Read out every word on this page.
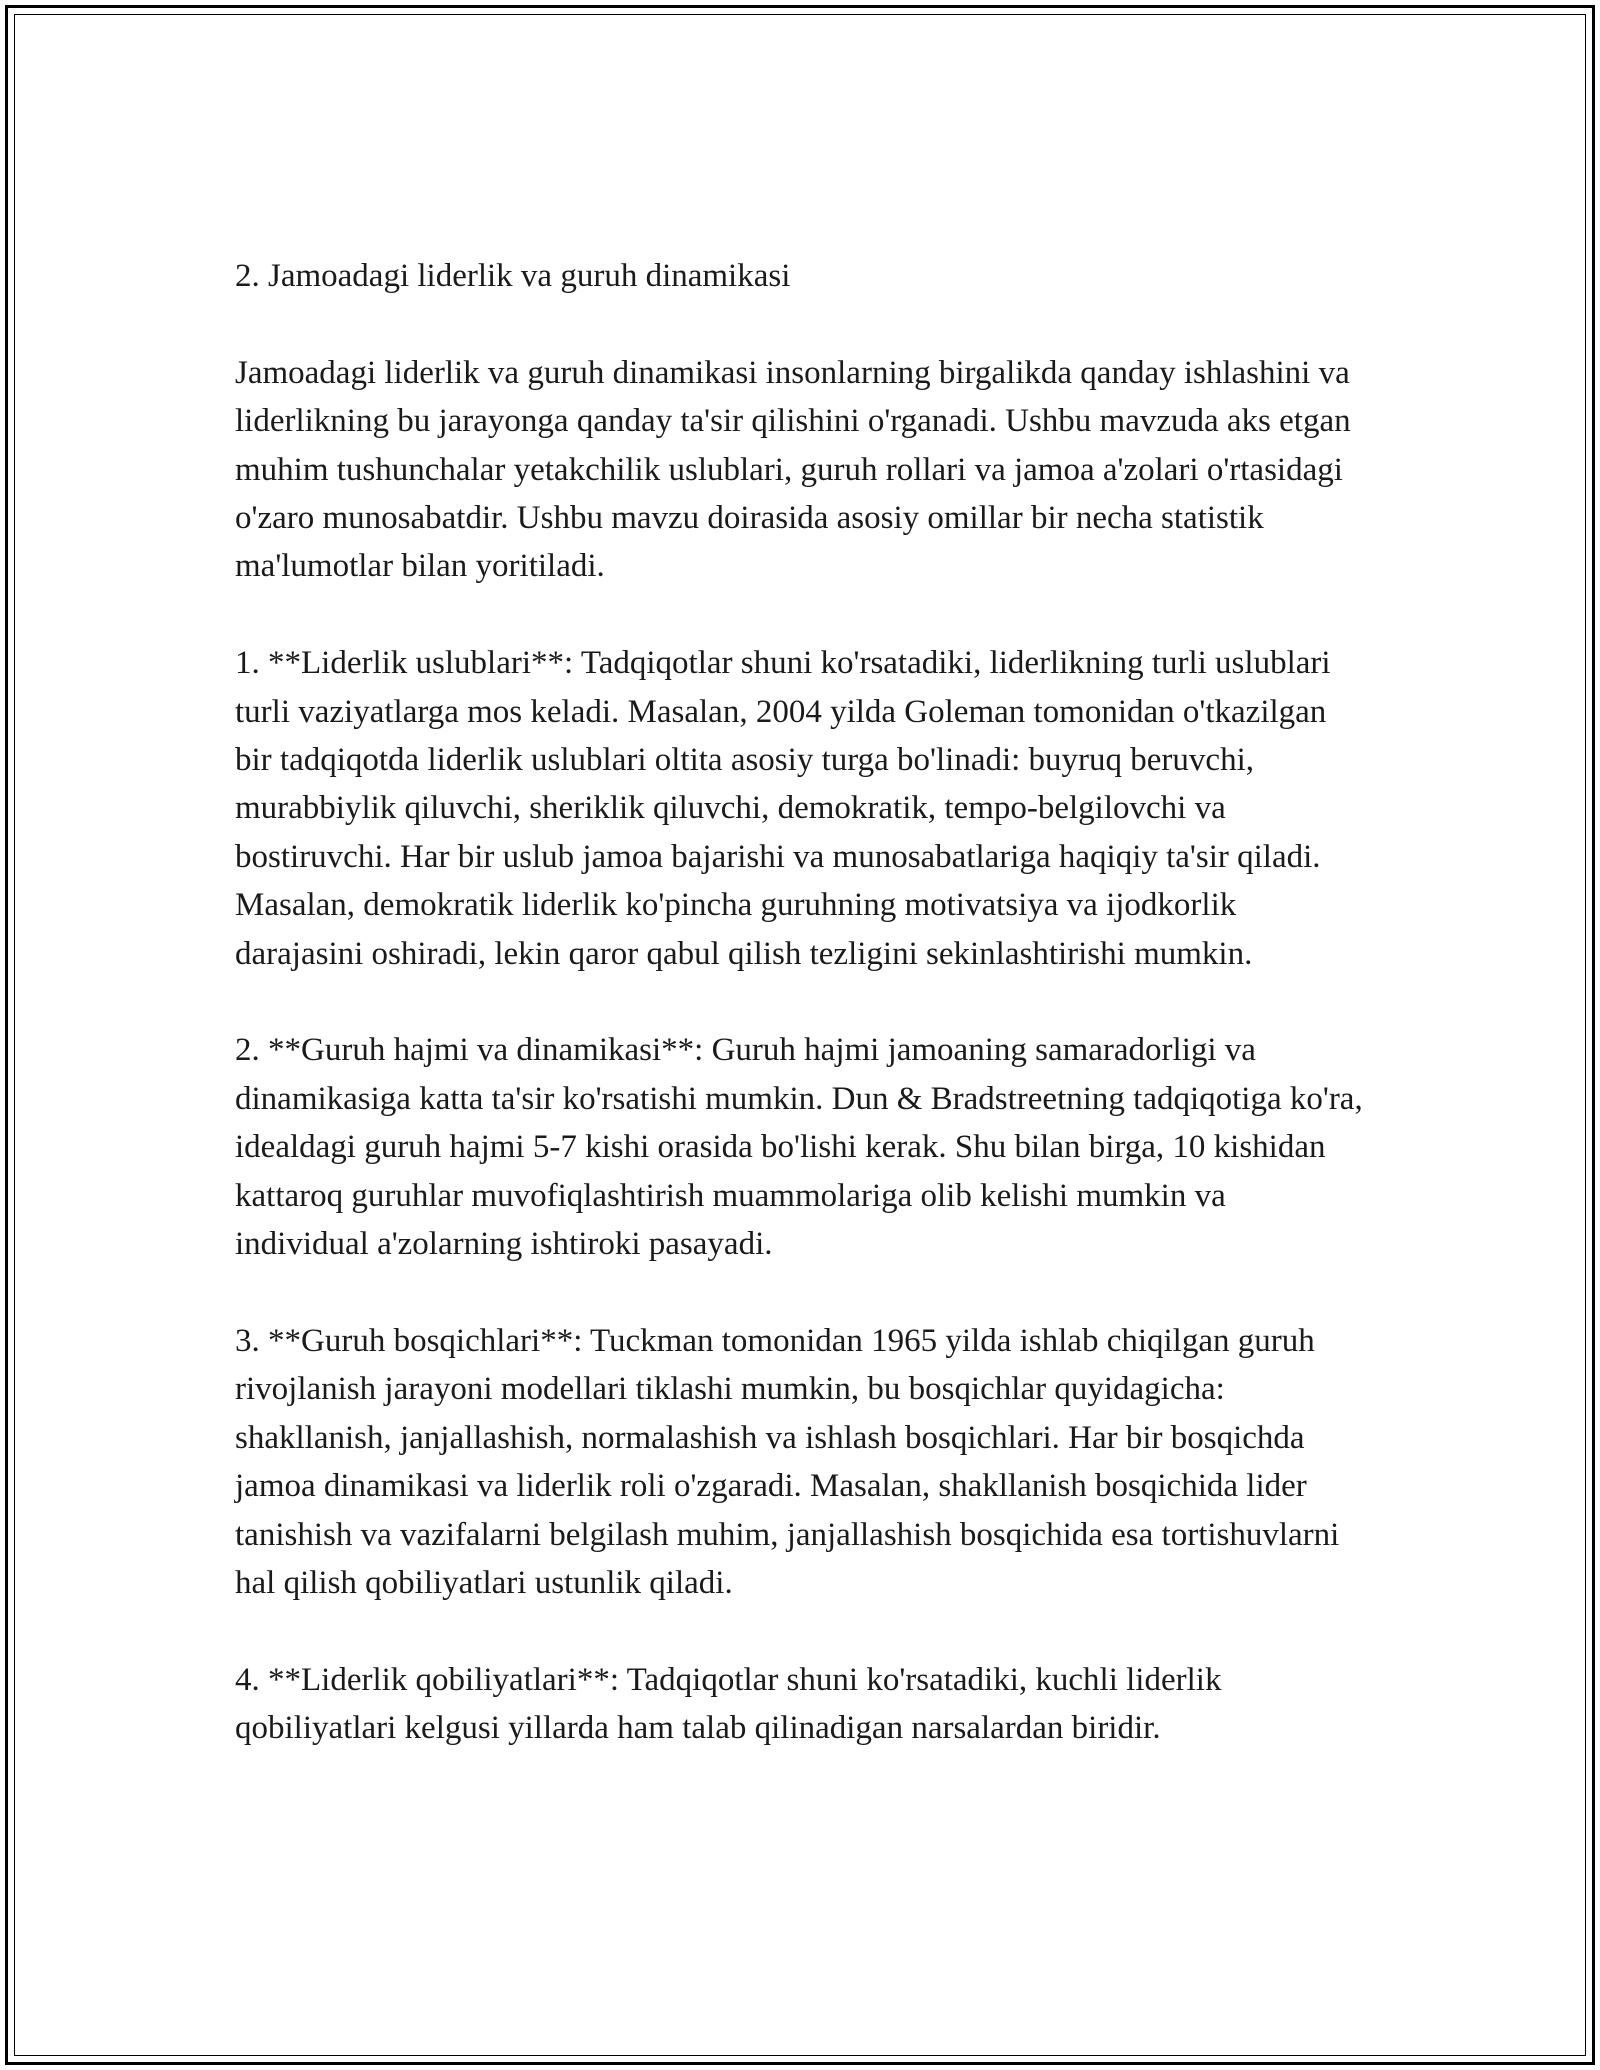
2. Jamoadagi liderlik va guruh dinamikasi

Jamoadagi liderlik va guruh dinamikasi insonlarning birgalikda qanday ishlashini va liderlikning bu jarayonga qanday ta'sir qilishini o'rganadi. Ushbu mavzuda aks etgan muhim tushunchalar yetakchilik uslublari, guruh rollari va jamoa a'zolari o'rtasidagi o'zaro munosabatdir. Ushbu mavzu doirasida asosiy omillar bir necha statistik ma'lumotlar bilan yoritiladi.

1. **Liderlik uslublari**: Tadqiqotlar shuni ko'rsatadiki, liderlikning turli uslublari turli vaziyatlarga mos keladi. Masalan, 2004 yilda Goleman tomonidan o'tkazilgan bir tadqiqotda liderlik uslublari oltita asosiy turga bo'linadi: buyruq beruvchi, murabbiylik qiluvchi, sheriklik qiluvchi, demokratik, tempo-belgilovchi va bostiruvchi. Har bir uslub jamoa bajarishi va munosabatlariga haqiqiy ta'sir qiladi. Masalan, demokratik liderlik ko'pincha guruhning motivatsiya va ijodkorlik darajasini oshiradi, lekin qaror qabul qilish tezligini sekinlashtirishi mumkin.

2. **Guruh hajmi va dinamikasi**: Guruh hajmi jamoaning samaradorligi va dinamikasiga katta ta'sir ko'rsatishi mumkin. Dun & Bradstreetning tadqiqotiga ko'ra, idealdagi guruh hajmi 5-7 kishi orasida bo'lishi kerak. Shu bilan birga, 10 kishidan kattaroq guruhlar muvofiqlashtirish muammolariga olib kelishi mumkin va individual a'zolarning ishtiroki pasayadi.

3. **Guruh bosqichlari**: Tuckman tomonidan 1965 yilda ishlab chiqilgan guruh rivojlanish jarayoni modellari tiklashi mumkin, bu bosqichlar quyidagicha: shakllanish, janjallashish, normalashish va ishlash bosqichlari. Har bir bosqichda jamoa dinamikasi va liderlik roli o'zgaradi. Masalan, shakllanish bosqichida lider tanishish va vazifalarni belgilash muhim, janjallashish bosqichida esa tortishuvlarni hal qilish qobiliyatlari ustunlik qiladi.

4. **Liderlik qobiliyatlari**: Tadqiqotlar shuni ko'rsatadiki, kuchli liderlik qobiliyatlari kelgusi yillarda ham talab qilinadigan narsalardan biridir.
